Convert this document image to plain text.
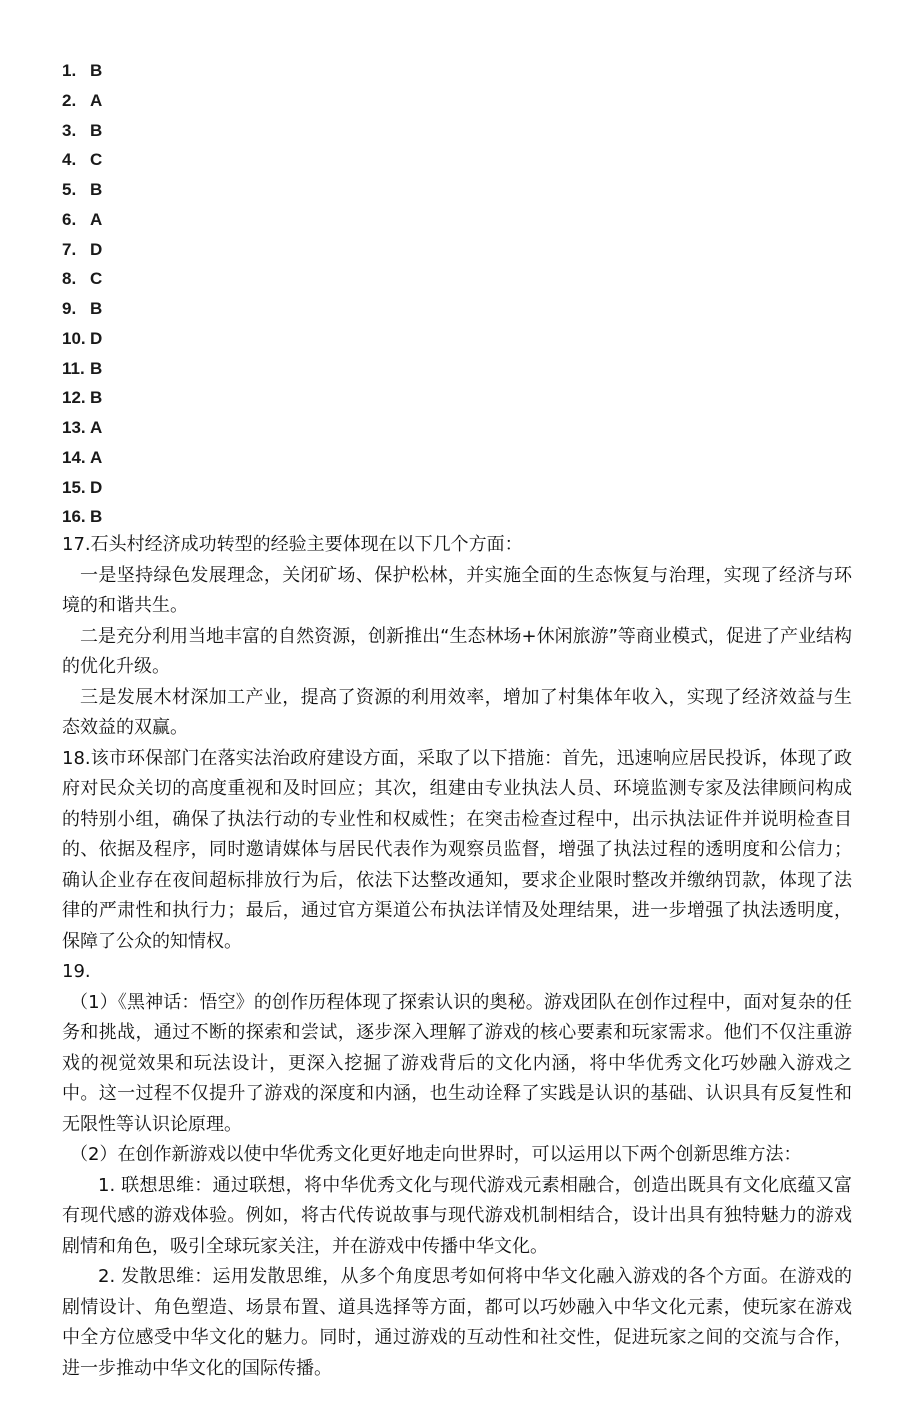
1. B
2. A
3. B
4. C
5. B
6. A
7. D
8. C
9. B
10. D
11. B
12. B
13. A
14. A
15. D
16. B

17.石头村经济成功转型的经验主要体现在以下几个方面：

一是坚持绿色发展理念，关闭矿场、保护松林，并实施全面的生态恢复与治理，实现了经济与环境的和谐共生。

二是充分利用当地丰富的自然资源，创新推出“生态林场+休闲旅游”等商业模式，促进了产业结构的优化升级。

三是发展木材深加工产业，提高了资源的利用效率，增加了村集体年收入，实现了经济效益与生态效益的双赢。

18.该市环保部门在落实法治政府建设方面，采取了以下措施：首先，迅速响应居民投诉，体现了政府对民众关切的高度重视和及时回应；其次，组建由专业执法人员、环境监测专家及法律顾问构成的特别小组，确保了执法行动的专业性和权威性；在突击检查过程中，出示执法证件并说明检查目的、依据及程序，同时邀请媒体与居民代表作为观察员监督，增强了执法过程的透明度和公信力；确认企业存在夜间超标排放行为后，依法下达整改通知，要求企业限时整改并缴纳罚款，体现了法律的严肃性和执行力；最后，通过官方渠道公布执法详情及处理结果，进一步增强了执法透明度，保障了公众的知情权。

19.

（1）《黑神话：悟空》的创作历程体现了探索认识的奥秘。游戏团队在创作过程中，面对复杂的任务和挑战，通过不断的探索和尝试，逐步深入理解了游戏的核心要素和玩家需求。他们不仅注重游戏的视觉效果和玩法设计，更深入挖掘了游戏背后的文化内涵，将中华优秀文化巧妙融入游戏之中。这一过程不仅提升了游戏的深度和内涵，也生动诠释了实践是认识的基础、认识具有反复性和无限性等认识论原理。

（2）在创作新游戏以使中华优秀文化更好地走向世界时，可以运用以下两个创新思维方法：

1. 联想思维：通过联想，将中华优秀文化与现代游戏元素相融合，创造出既具有文化底蕴又富有现代感的游戏体验。例如，将古代传说故事与现代游戏机制相结合，设计出具有独特魅力的游戏剧情和角色，吸引全球玩家关注，并在游戏中传播中华文化。

2. 发散思维：运用发散思维，从多个角度思考如何将中华文化融入游戏的各个方面。在游戏的剧情设计、角色塑造、场景布置、道具选择等方面，都可以巧妙融入中华文化元素，使玩家在游戏中全方位感受中华文化的魅力。同时，通过游戏的互动性和社交性，促进玩家之间的交流与合作，进一步推动中华文化的国际传播。
